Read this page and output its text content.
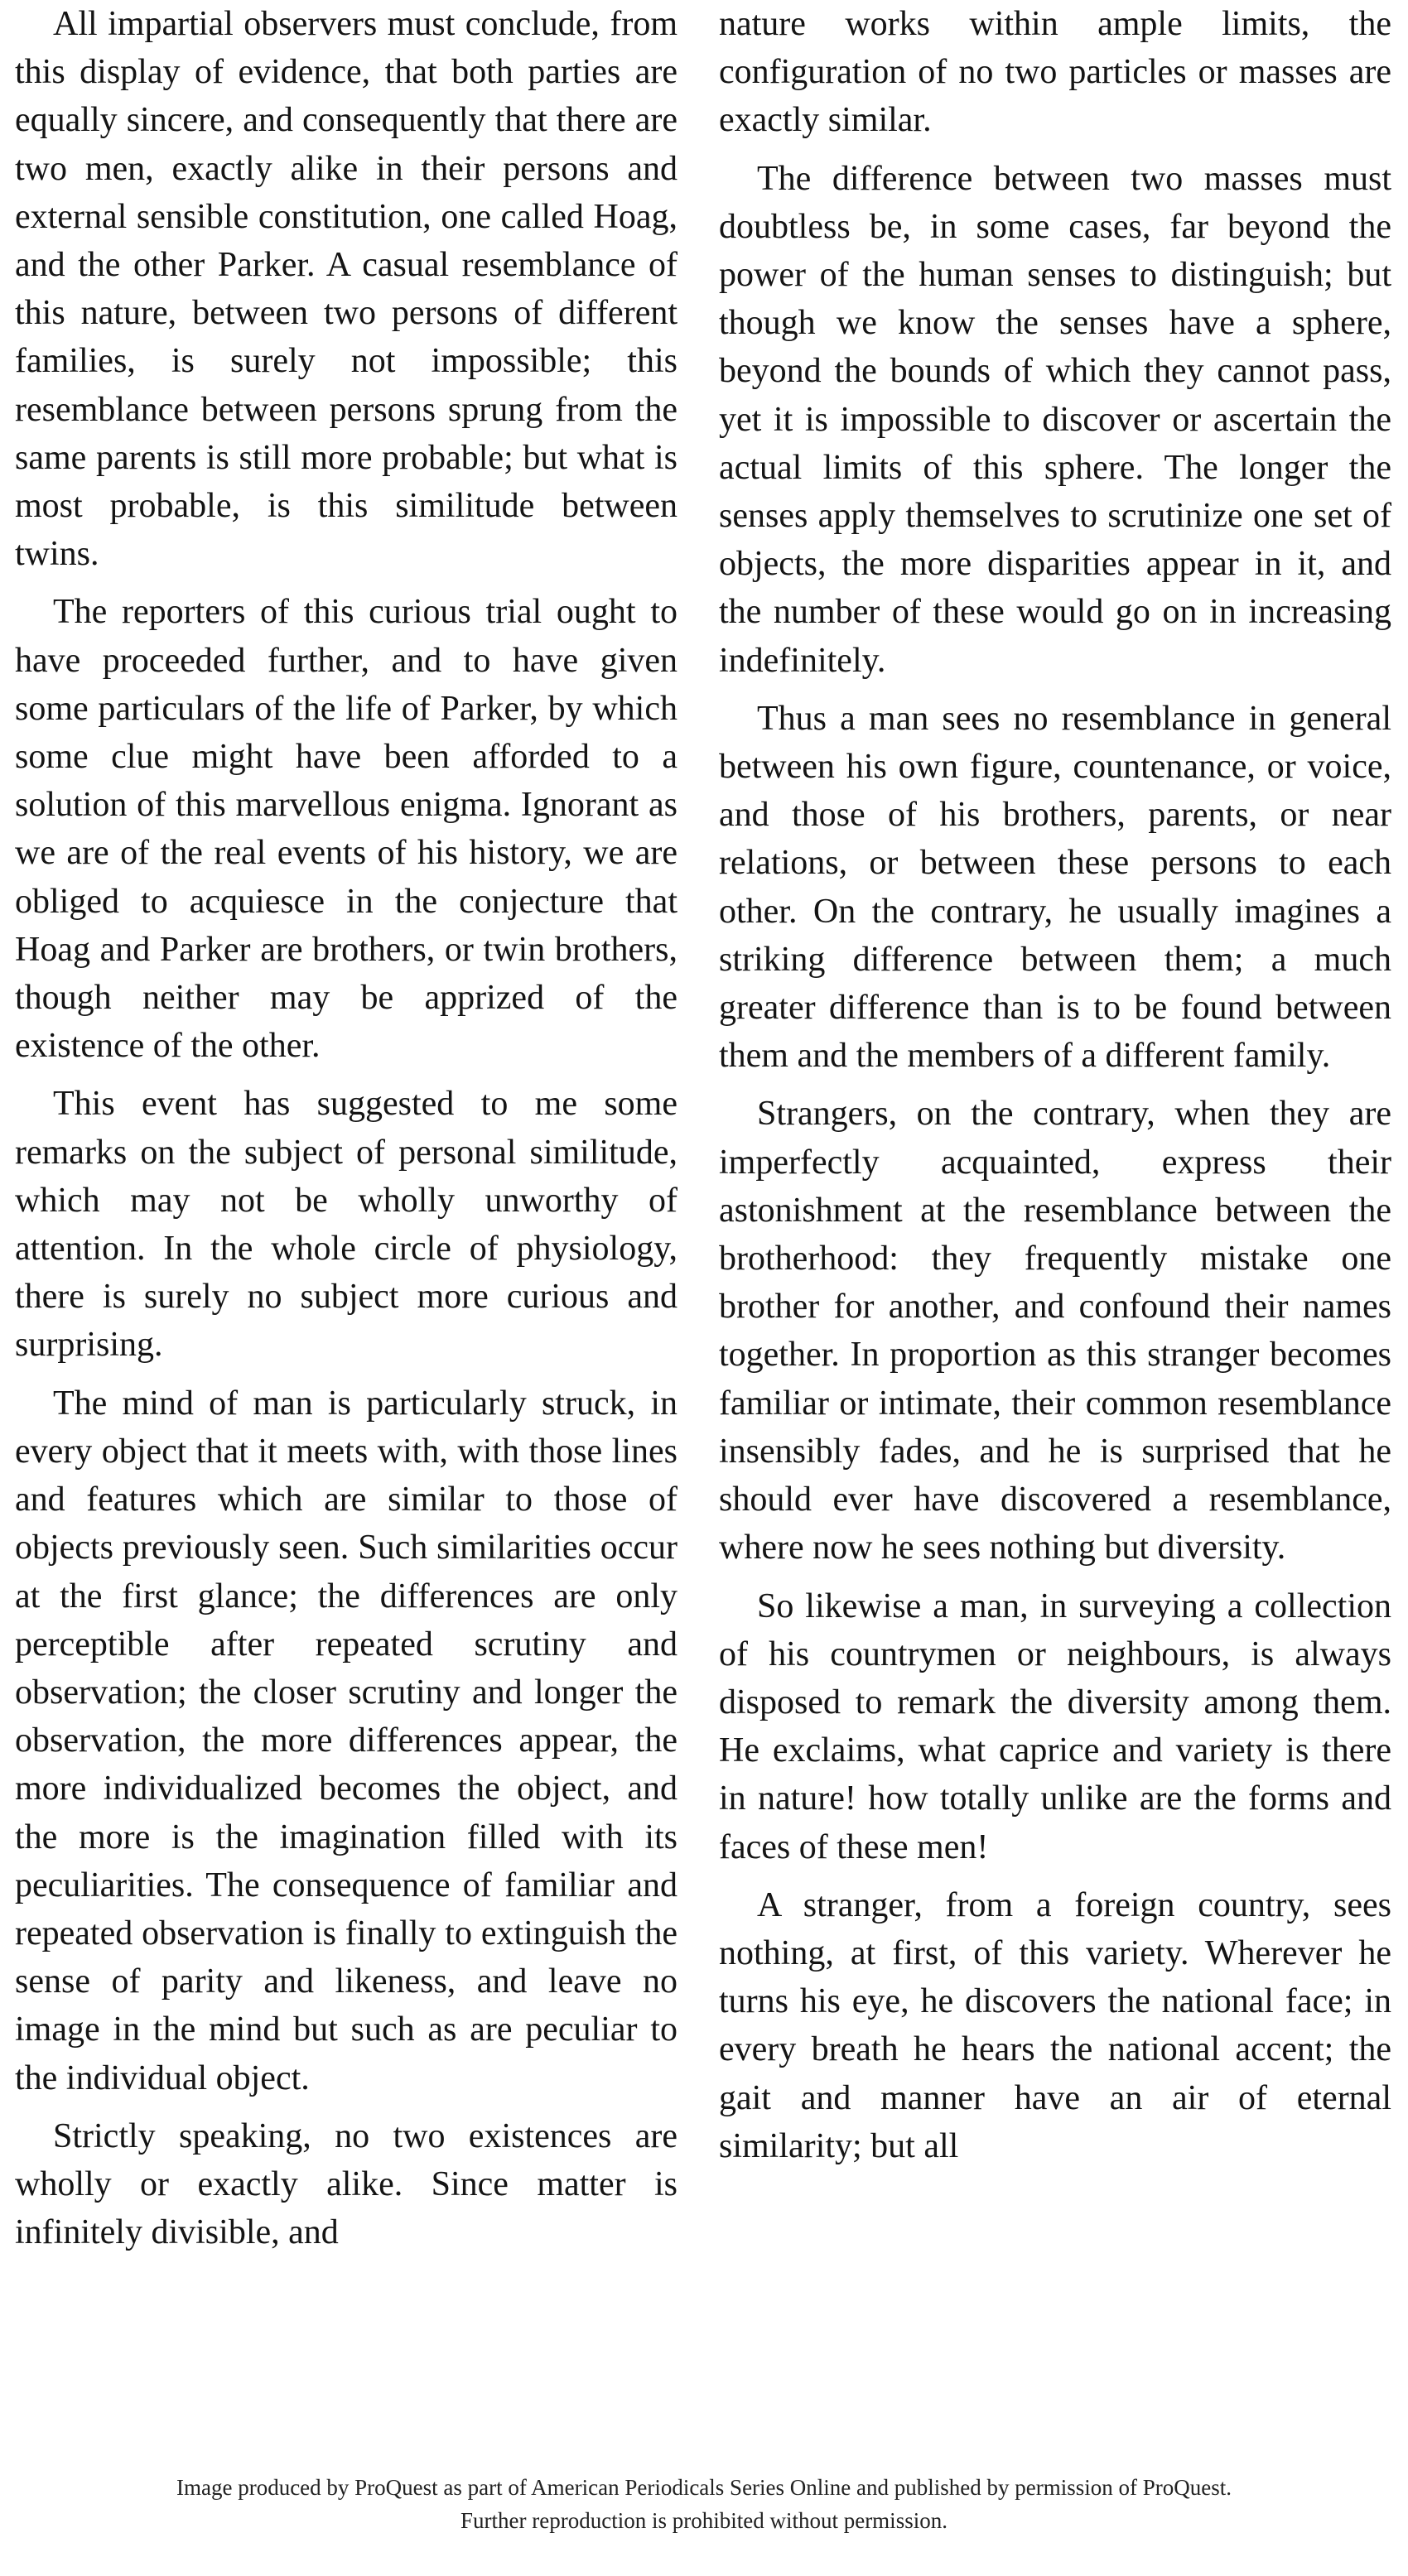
All impartial observers must conclude, from this display of evidence, that both parties are equally sincere, and consequently that there are two men, exactly alike in their persons and external sensible constitution, one called Hoag, and the other Parker. A casual resemblance of this nature, between two persons of different families, is surely not impossible; this resemblance between persons sprung from the same parents is still more probable; but what is most probable, is this similitude between twins.

The reporters of this curious trial ought to have proceeded further, and to have given some particulars of the life of Parker, by which some clue might have been afforded to a solution of this marvellous enigma. Ignorant as we are of the real events of his history, we are obliged to acquiesce in the conjecture that Hoag and Parker are brothers, or twin brothers, though neither may be apprized of the existence of the other.

This event has suggested to me some remarks on the subject of personal similitude, which may not be wholly unworthy of attention. In the whole circle of physiology, there is surely no subject more curious and surprising.

The mind of man is particularly struck, in every object that it meets with, with those lines and features which are similar to those of objects previously seen. Such similarities occur at the first glance; the differences are only perceptible after repeated scrutiny and observation; the closer scrutiny and longer the observation, the more differences appear, the more individualized becomes the object, and the more is the imagination filled with its peculiarities. The consequence of familiar and repeated observation is finally to extinguish the sense of parity and likeness, and leave no image in the mind but such as are peculiar to the individual object.

Strictly speaking, no two existences are wholly or exactly alike. Since matter is infinitely divisible, and

nature works within ample limits, the configuration of no two particles or masses are exactly similar.

The difference between two masses must doubtless be, in some cases, far beyond the power of the human senses to distinguish; but though we know the senses have a sphere, beyond the bounds of which they cannot pass, yet it is impossible to discover or ascertain the actual limits of this sphere. The longer the senses apply themselves to scrutinize one set of objects, the more disparities appear in it, and the number of these would go on in increasing indefinitely.

Thus a man sees no resemblance in general between his own figure, countenance, or voice, and those of his brothers, parents, or near relations, or between these persons to each other. On the contrary, he usually imagines a striking difference between them; a much greater difference than is to be found between them and the members of a different family.

Strangers, on the contrary, when they are imperfectly acquainted, express their astonishment at the resemblance between the brotherhood: they frequently mistake one brother for another, and confound their names together. In proportion as this stranger becomes familiar or intimate, their common resemblance insensibly fades, and he is surprised that he should ever have discovered a resemblance, where now he sees nothing but diversity.

So likewise a man, in surveying a collection of his countrymen or neighbours, is always disposed to remark the diversity among them. He exclaims, what caprice and variety is there in nature! how totally unlike are the forms and faces of these men!

A stranger, from a foreign country, sees nothing, at first, of this variety. Wherever he turns his eye, he discovers the national face; in every breath he hears the national accent; the gait and manner have an air of eternal similarity; but all

Image produced by ProQuest as part of American Periodicals Series Online and published by permission of ProQuest.
Further reproduction is prohibited without permission.
